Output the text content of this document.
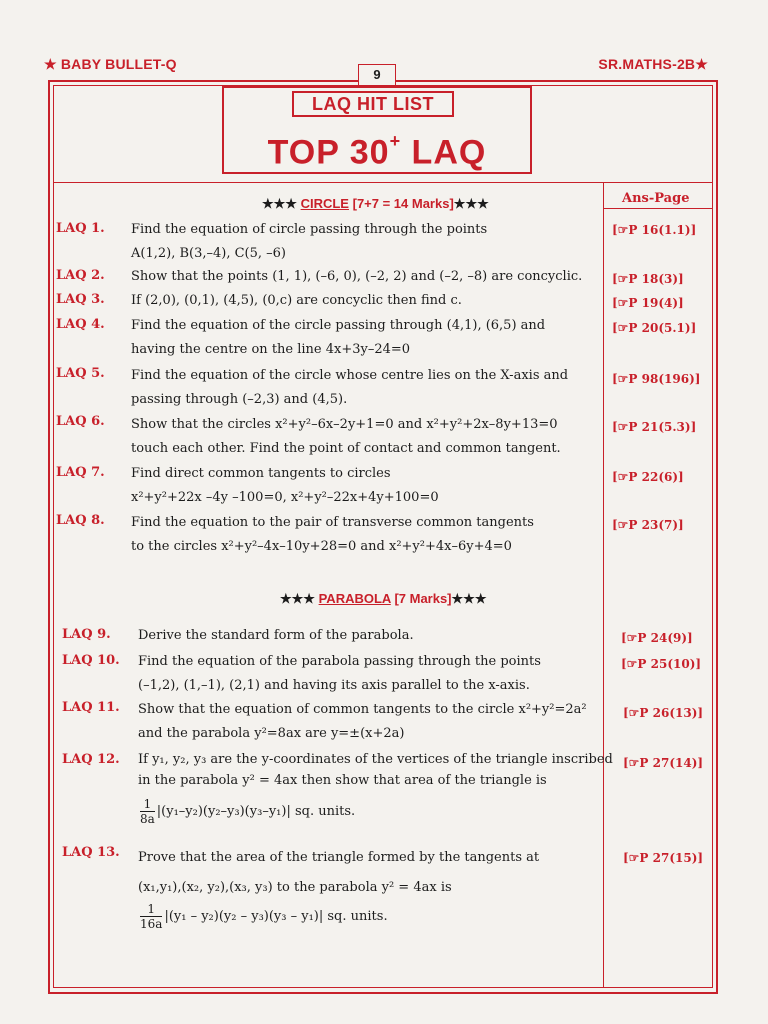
★ BABY BULLET-Q	SR.MATHS-2B★
9
LAQ HIT LIST
TOP 30+ LAQ
Ans-Page
★★★ CIRCLE [7+7 = 14 Marks]★★★
LAQ 1. Find the equation of circle passing through the points
A(1,2), B(3,–4), C(5, –6)
[☞P 16(1.1)]
LAQ 2. Show that the points (1, 1), (–6, 0), (–2, 2) and (–2, –8) are concyclic. [☞P 18(3)]
LAQ 3. If (2,0), (0,1), (4,5), (0,c) are concyclic then find c.	[☞P 19(4)]
LAQ 4. Find the equation of the circle passing through (4,1), (6,5) and
having the centre on the line 4x+3y–24=0
[☞P 20(5.1)]
LAQ 5. Find the equation of the circle whose centre lies on the X-axis and
passing through (–2,3) and (4,5).
[☞P 98(196)]
LAQ 6. Show that the circles x²+y²–6x–2y+1=0 and x²+y²+2x–8y+13=0
touch each other. Find the point of contact and common tangent.
[☞P 21(5.3)]
LAQ 7. Find direct common tangents to circles
x²+y²+22x –4y –100=0, x²+y²–22x+4y+100=0
[☞P 22(6)]
LAQ 8. Find the equation to the pair of transverse common tangents
to the circles x²+y²–4x–10y+28=0 and x²+y²+4x–6y+4=0
[☞P 23(7)]
★★★ PARABOLA [7 Marks]★★★
LAQ 9. Derive the standard form of the parabola.	[☞P 24(9)]
LAQ 10. Find the equation of the parabola passing through the points
(–1,2), (1,–1), (2,1) and having its axis parallel to the x-axis.
[☞P 25(10)]
LAQ 11. Show that the equation of common tangents to the circle x²+y²=2a²
and the parabola y²=8ax are y=±(x+2a)
[☞P 26(13)]
LAQ 12. If y₁, y₂, y₃ are the y-coordinates of the vertices of the triangle inscribed
in the parabola y² = 4ax then show that area of the triangle is
$\frac{1}{8a} |(y_1-y_2)(y_2-y_3)(y_3-y_1)|$ sq. units.
[☞P 27(14)]
LAQ 13. Prove that the area of the triangle formed by the tangents at
(x₁,y₁),(x₂, y₂),(x₃, y₃) to the parabola y² = 4ax is
$\frac{1}{16a} |(y_1 - y_2)(y_2 - y_3)(y_3 - y_1)|$ sq. units.
[☞P 27(15)]
